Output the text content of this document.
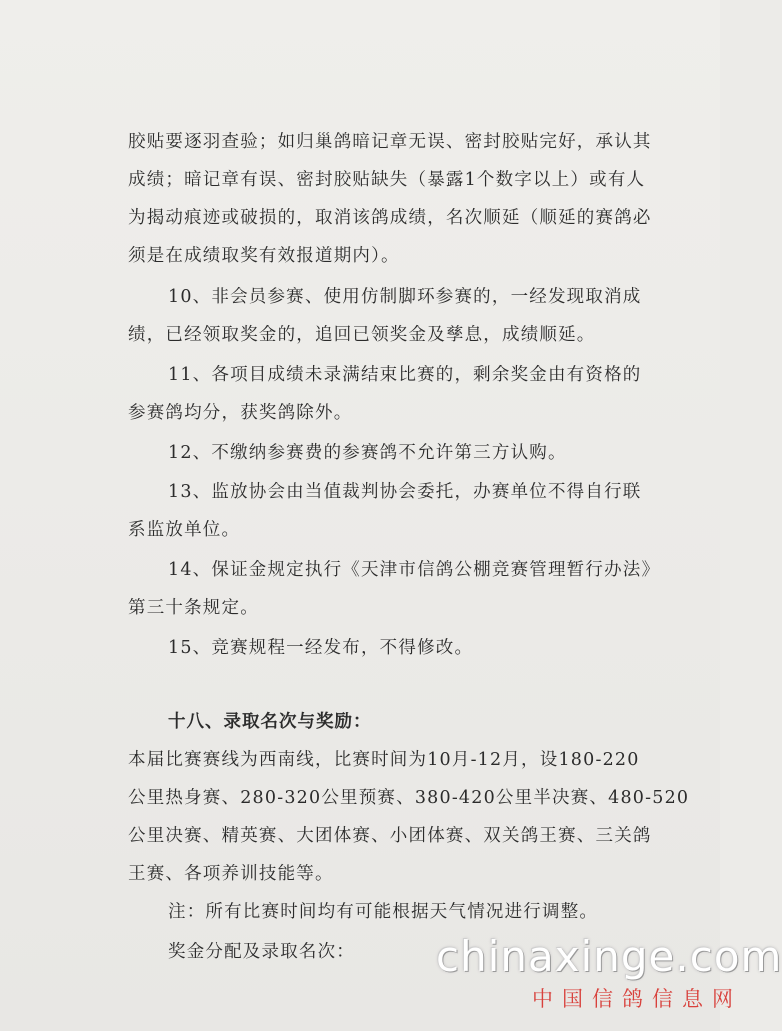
胶贴要逐羽查验；如归巢鸽暗记章无误、密封胶贴完好，承认其
成绩；暗记章有误、密封胶贴缺失（暴露1个数字以上）或有人
为揭动痕迹或破损的，取消该鸽成绩，名次顺延（顺延的赛鸽必
须是在成绩取奖有效报道期内）。
10、非会员参赛、使用仿制脚环参赛的，一经发现取消成
绩，已经领取奖金的，追回已领奖金及孳息，成绩顺延。
11、各项目成绩未录满结束比赛的，剩余奖金由有资格的
参赛鸽均分，获奖鸽除外。
12、不缴纳参赛费的参赛鸽不允许第三方认购。
13、监放协会由当值裁判协会委托，办赛单位不得自行联
系监放单位。
14、保证金规定执行《天津市信鸽公棚竞赛管理暂行办法》
第三十条规定。
15、竞赛规程一经发布，不得修改。
十八、录取名次与奖励：
本届比赛赛线为西南线，比赛时间为10月-12月，设180-220
公里热身赛、280-320公里预赛、380-420公里半决赛、480-520
公里决赛、精英赛、大团体赛、小团体赛、双关鸽王赛、三关鸽
王赛、各项养训技能等。
注：所有比赛时间均有可能根据天气情况进行调整。
奖金分配及录取名次： chinaxinge.com
中国信鸽信息网
